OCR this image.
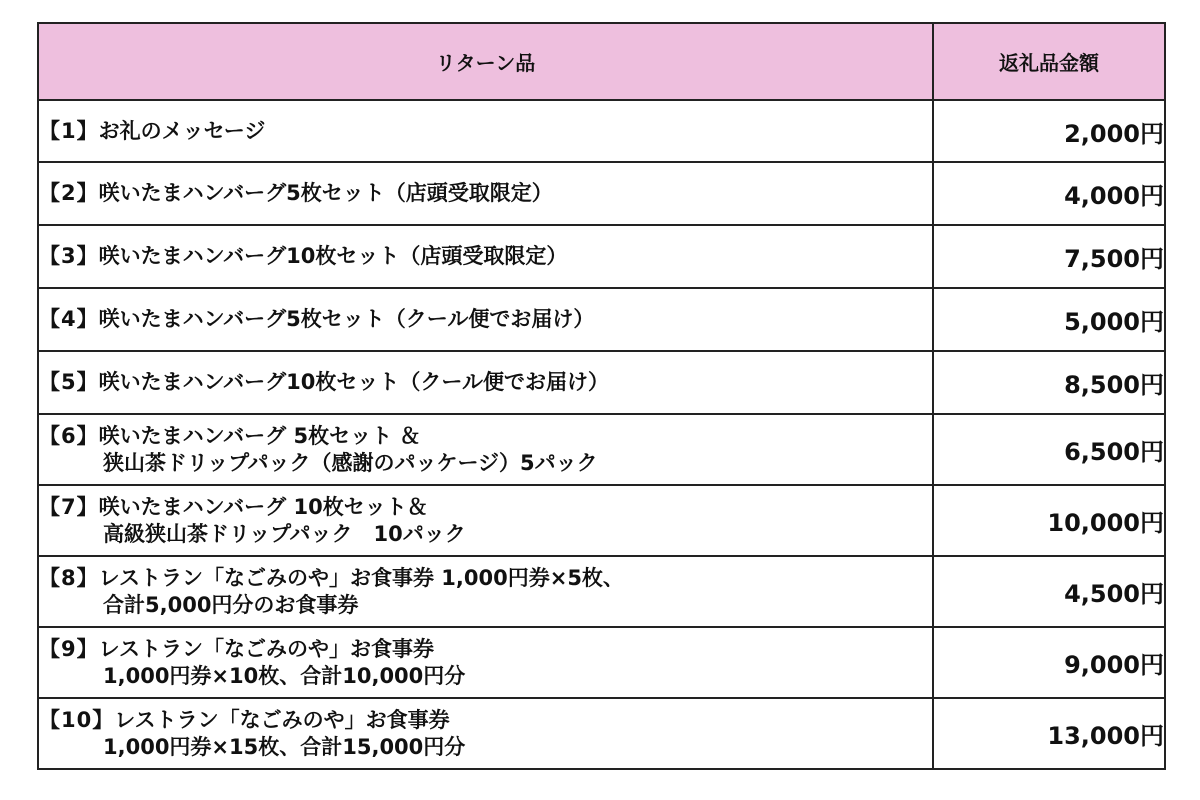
リターン品	返礼品金額
【1】お礼のメッセージ	2,000円
【2】咲いたまハンバーグ5枚セット（店頭受取限定）	4,000円
【3】咲いたまハンバーグ10枚セット（店頭受取限定）	7,500円
【4】咲いたまハンバーグ5枚セット（クール便でお届け）	5,000円
【5】咲いたまハンバーグ10枚セット（クール便でお届け）	8,500円
【6】咲いたまハンバーグ 5枚セット ＆
狭山茶ドリップパック（感謝のパッケージ）5パック	6,500円
【7】咲いたまハンバーグ 10枚セット＆
高級狭山茶ドリップパック　10パック	10,000円
【8】レストラン「なごみのや」お食事券 1,000円券×5枚、
合計5,000円分のお食事券	4,500円
【9】レストラン「なごみのや」お食事券
1,000円券×10枚、合計10,000円分	9,000円
【10】レストラン「なごみのや」お食事券
1,000円券×15枚、合計15,000円分	13,000円
